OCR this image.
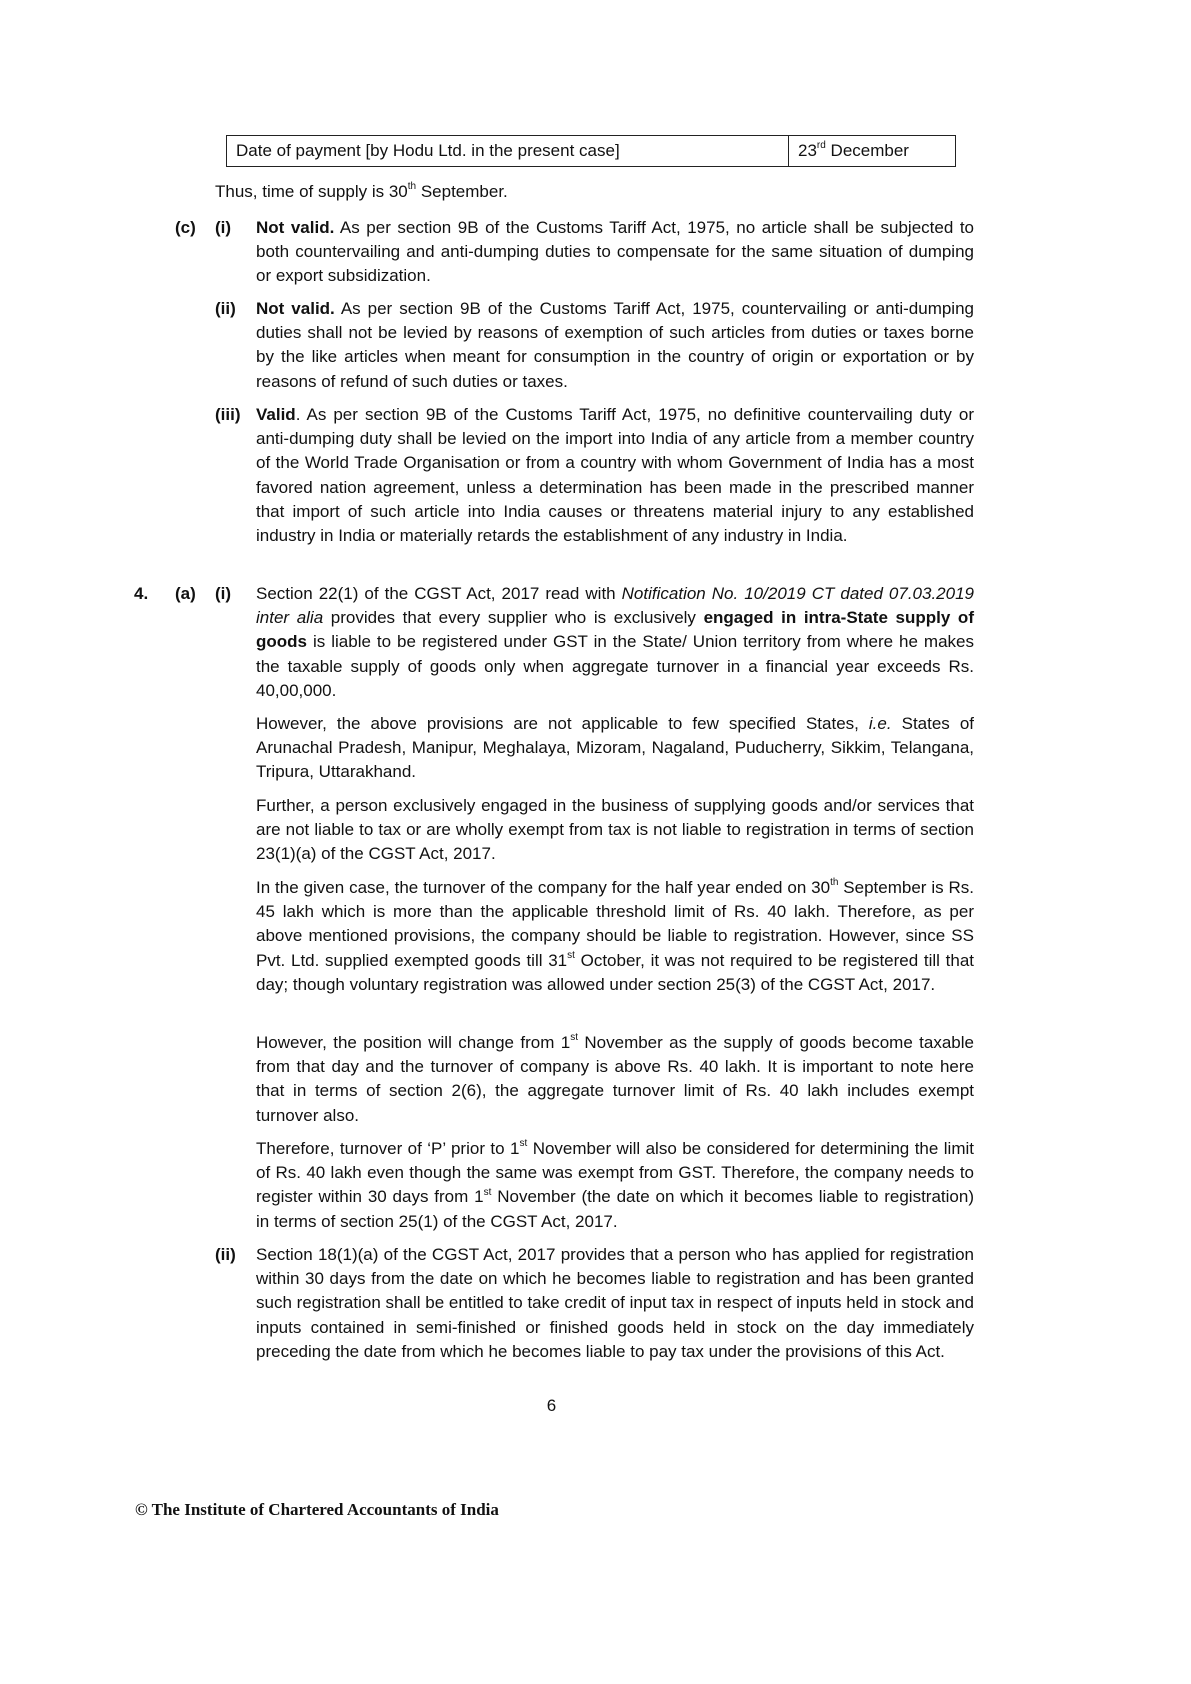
Date of payment [by Hodu Ltd. in the present case]	23rd December
Thus, time of supply is 30th September.
(c) (i) Not valid. As per section 9B of the Customs Tariff Act, 1975, no article shall be subjected to both countervailing and anti-dumping duties to compensate for the same situation of dumping or export subsidization.
(ii) Not valid. As per section 9B of the Customs Tariff Act, 1975, countervailing or anti-dumping duties shall not be levied by reasons of exemption of such articles from duties or taxes borne by the like articles when meant for consumption in the country of origin or exportation or by reasons of refund of such duties or taxes.
(iii) Valid. As per section 9B of the Customs Tariff Act, 1975, no definitive countervailing duty or anti-dumping duty shall be levied on the import into India of any article from a member country of the World Trade Organisation or from a country with whom Government of India has a most favored nation agreement, unless a determination has been made in the prescribed manner that import of such article into India causes or threatens material injury to any established industry in India or materially retards the establishment of any industry in India.
4. (a) (i) Section 22(1) of the CGST Act, 2017 read with Notification No. 10/2019 CT dated 07.03.2019 inter alia provides that every supplier who is exclusively engaged in intra-State supply of goods is liable to be registered under GST in the State/ Union territory from where he makes the taxable supply of goods only when aggregate turnover in a financial year exceeds Rs. 40,00,000.
However, the above provisions are not applicable to few specified States, i.e. States of Arunachal Pradesh, Manipur, Meghalaya, Mizoram, Nagaland, Puducherry, Sikkim, Telangana, Tripura, Uttarakhand.
Further, a person exclusively engaged in the business of supplying goods and/or services that are not liable to tax or are wholly exempt from tax is not liable to registration in terms of section 23(1)(a) of the CGST Act, 2017.
In the given case, the turnover of the company for the half year ended on 30th September is Rs. 45 lakh which is more than the applicable threshold limit of Rs. 40 lakh. Therefore, as per above mentioned provisions, the company should be liable to registration. However, since SS Pvt. Ltd. supplied exempted goods till 31st October, it was not required to be registered till that day; though voluntary registration was allowed under section 25(3) of the CGST Act, 2017.
However, the position will change from 1st November as the supply of goods become taxable from that day and the turnover of company is above Rs. 40 lakh. It is important to note here that in terms of section 2(6), the aggregate turnover limit of Rs. 40 lakh includes exempt turnover also.
Therefore, turnover of ‘P’ prior to 1st November will also be considered for determining the limit of Rs. 40 lakh even though the same was exempt from GST. Therefore, the company needs to register within 30 days from 1st November (the date on which it becomes liable to registration) in terms of section 25(1) of the CGST Act, 2017.
(ii) Section 18(1)(a) of the CGST Act, 2017 provides that a person who has applied for registration within 30 days from the date on which he becomes liable to registration and has been granted such registration shall be entitled to take credit of input tax in respect of inputs held in stock and inputs contained in semi-finished or finished goods held in stock on the day immediately preceding the date from which he becomes liable to pay tax under the provisions of this Act.
6
© The Institute of Chartered Accountants of India
